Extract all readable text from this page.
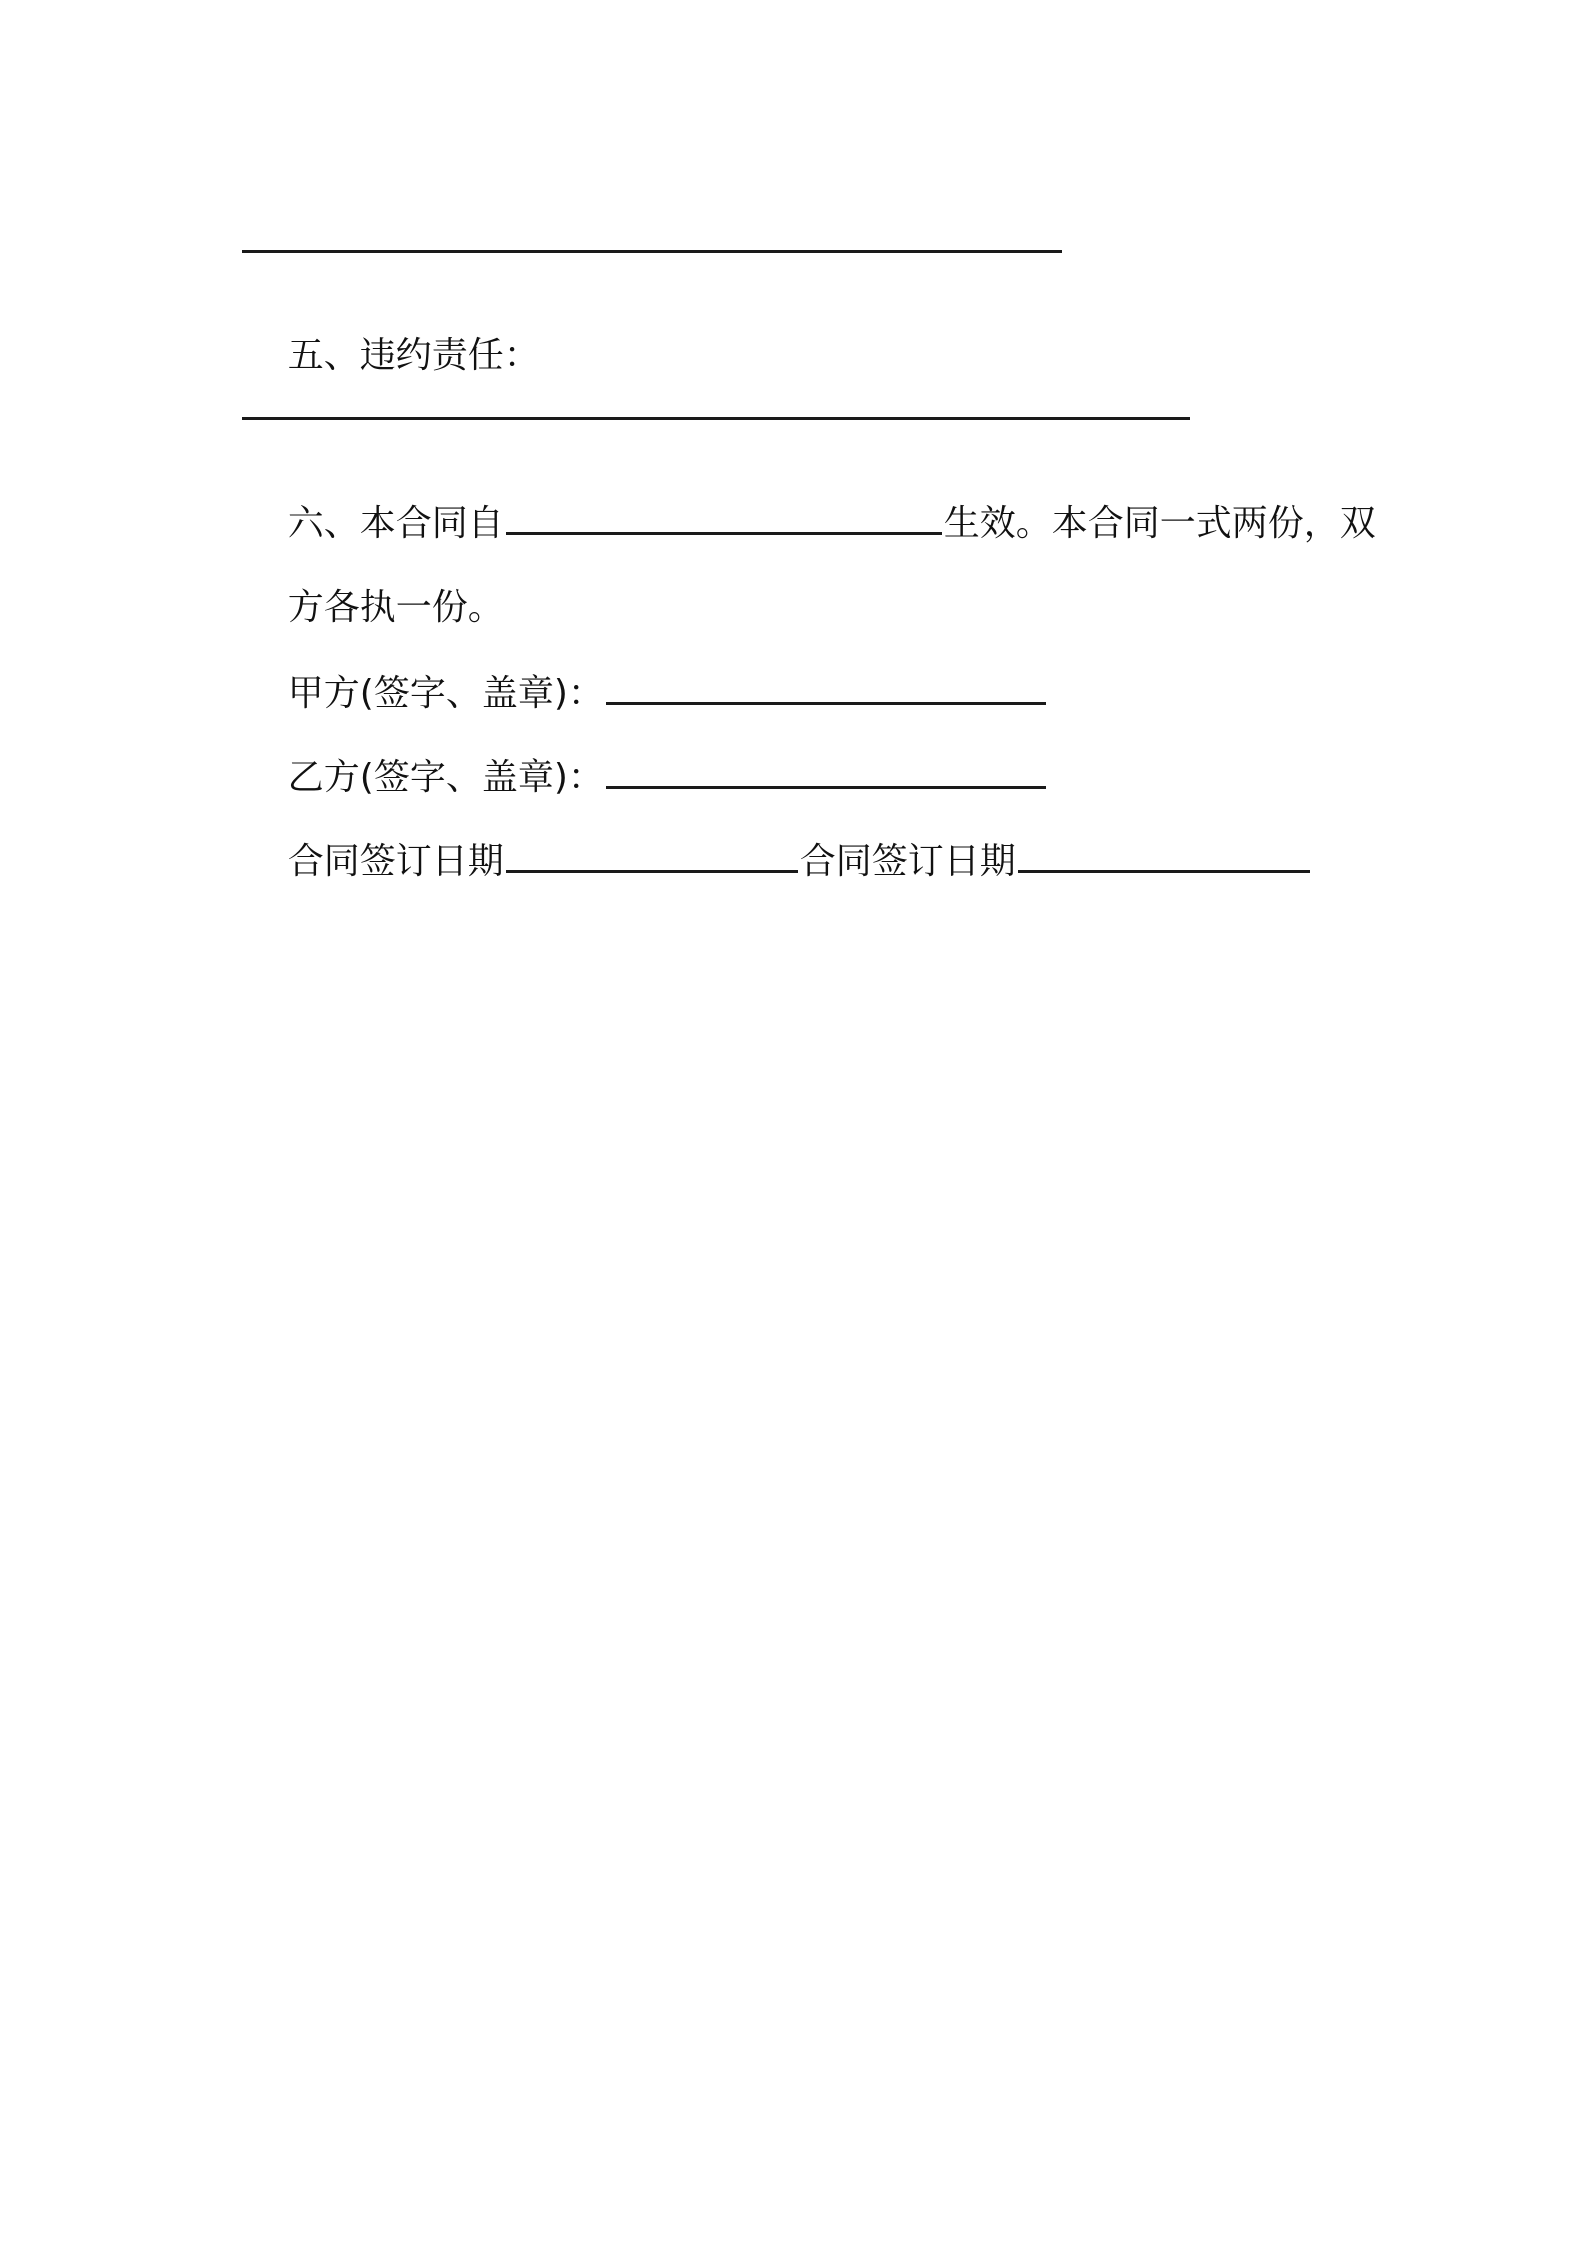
五、违约责任：

六、本合同自	生效。本合同一式两份，双

方各执一份。

甲方(签字、盖章)：

乙方(签字、盖章)：

合同签订日期	合同签订日期
